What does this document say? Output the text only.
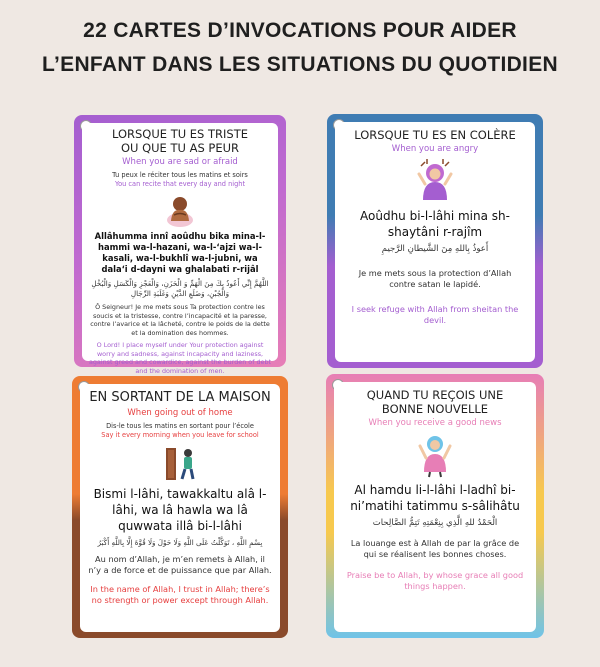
22 CARTES D’INVOCATIONS POUR AIDER
L’ENFANT DANS LES SITUATIONS DU QUOTIDIEN
LORSQUE TU ES TRISTE
OU QUE TU AS PEUR
When you are sad or afraid
Tu peux le réciter tous les matins et soirs
You can recite that every day and night
Allâhumma innî aoûdhu bika mina-l-hammi wa-l-hazani, wa-l-‘ajzi wa-l-kasali, wa-l-bukhlî wa-l-jubni, wa dala‘i d-dayni wa ghalabati r-rijâl
اللَّهُمَّ إِنِّي أَعُوذُ بِكَ مِنَ الْهَمِّ وَ الْحَزَنِ، وَالْعَجْزِ وَالْكَسَلِ وَالْبُخْلِ وَالْجُبْنِ، وَضَلَعِ الدَّيْنِ وَغَلَبَةِ الرِّجَالِ
Ô Seigneur! Je me mets sous Ta protection contre les soucis et la tristesse, contre l’incapacité et la paresse, contre l’avarice et la lâcheté, contre le poids de la dette et la domination des hommes.
O Lord! I place myself under Your protection against worry and sadness, against incapacity and laziness, against greed and cowardice, against the burden of debt and the domination of men.
LORSQUE TU ES EN COLÈRE
When you are angry
Aoûdhu bi-l-lâhi mina sh-shaytâni r-rajîm
أَعوذُ بِاللهِ مِنَ الشَّيطانِ الرَّجيمِ
Je me mets sous la protection d’Allah contre satan le lapidé.
I seek refuge with Allah from sheitan the devil.
EN SORTANT DE LA MAISON
When going out of home
Dis-le tous les matins en sortant pour l’école
Say it every morning when you leave for school
Bismi l-lâhi, tawakkaltu alâ l-lâhi, wa lâ hawla wa lâ quwwata illâ bi-l-lâhi
بِسْمِ اللَّهِ ، تَوَكَّلْتُ عَلَى اللَّهِ وَلَا حَوْلَ وَلَا قُوَّةَ إِلَّا بِاللَّهِ أَكْبَرُ
Au nom d’Allah, je m’en remets à Allah, il n’y a de force et de puissance que par Allah.
In the name of Allah, I trust in Allah; there’s no strength or power except through Allah.
QUAND TU REÇOIS UNE
BONNE NOUVELLE
When you receive a good news
Al hamdu li-l-lâhi l-ladhî bi-ni’matihi tatimmu s-sâlihâtu
الْحَمْدُ للهِ الَّذِي بِنِعْمَتِهِ تَتِمُّ الصَّالِحات
La louange est à Allah de par la grâce de qui se réalisent les bonnes choses.
Praise be to Allah, by whose grace all good things happen.
